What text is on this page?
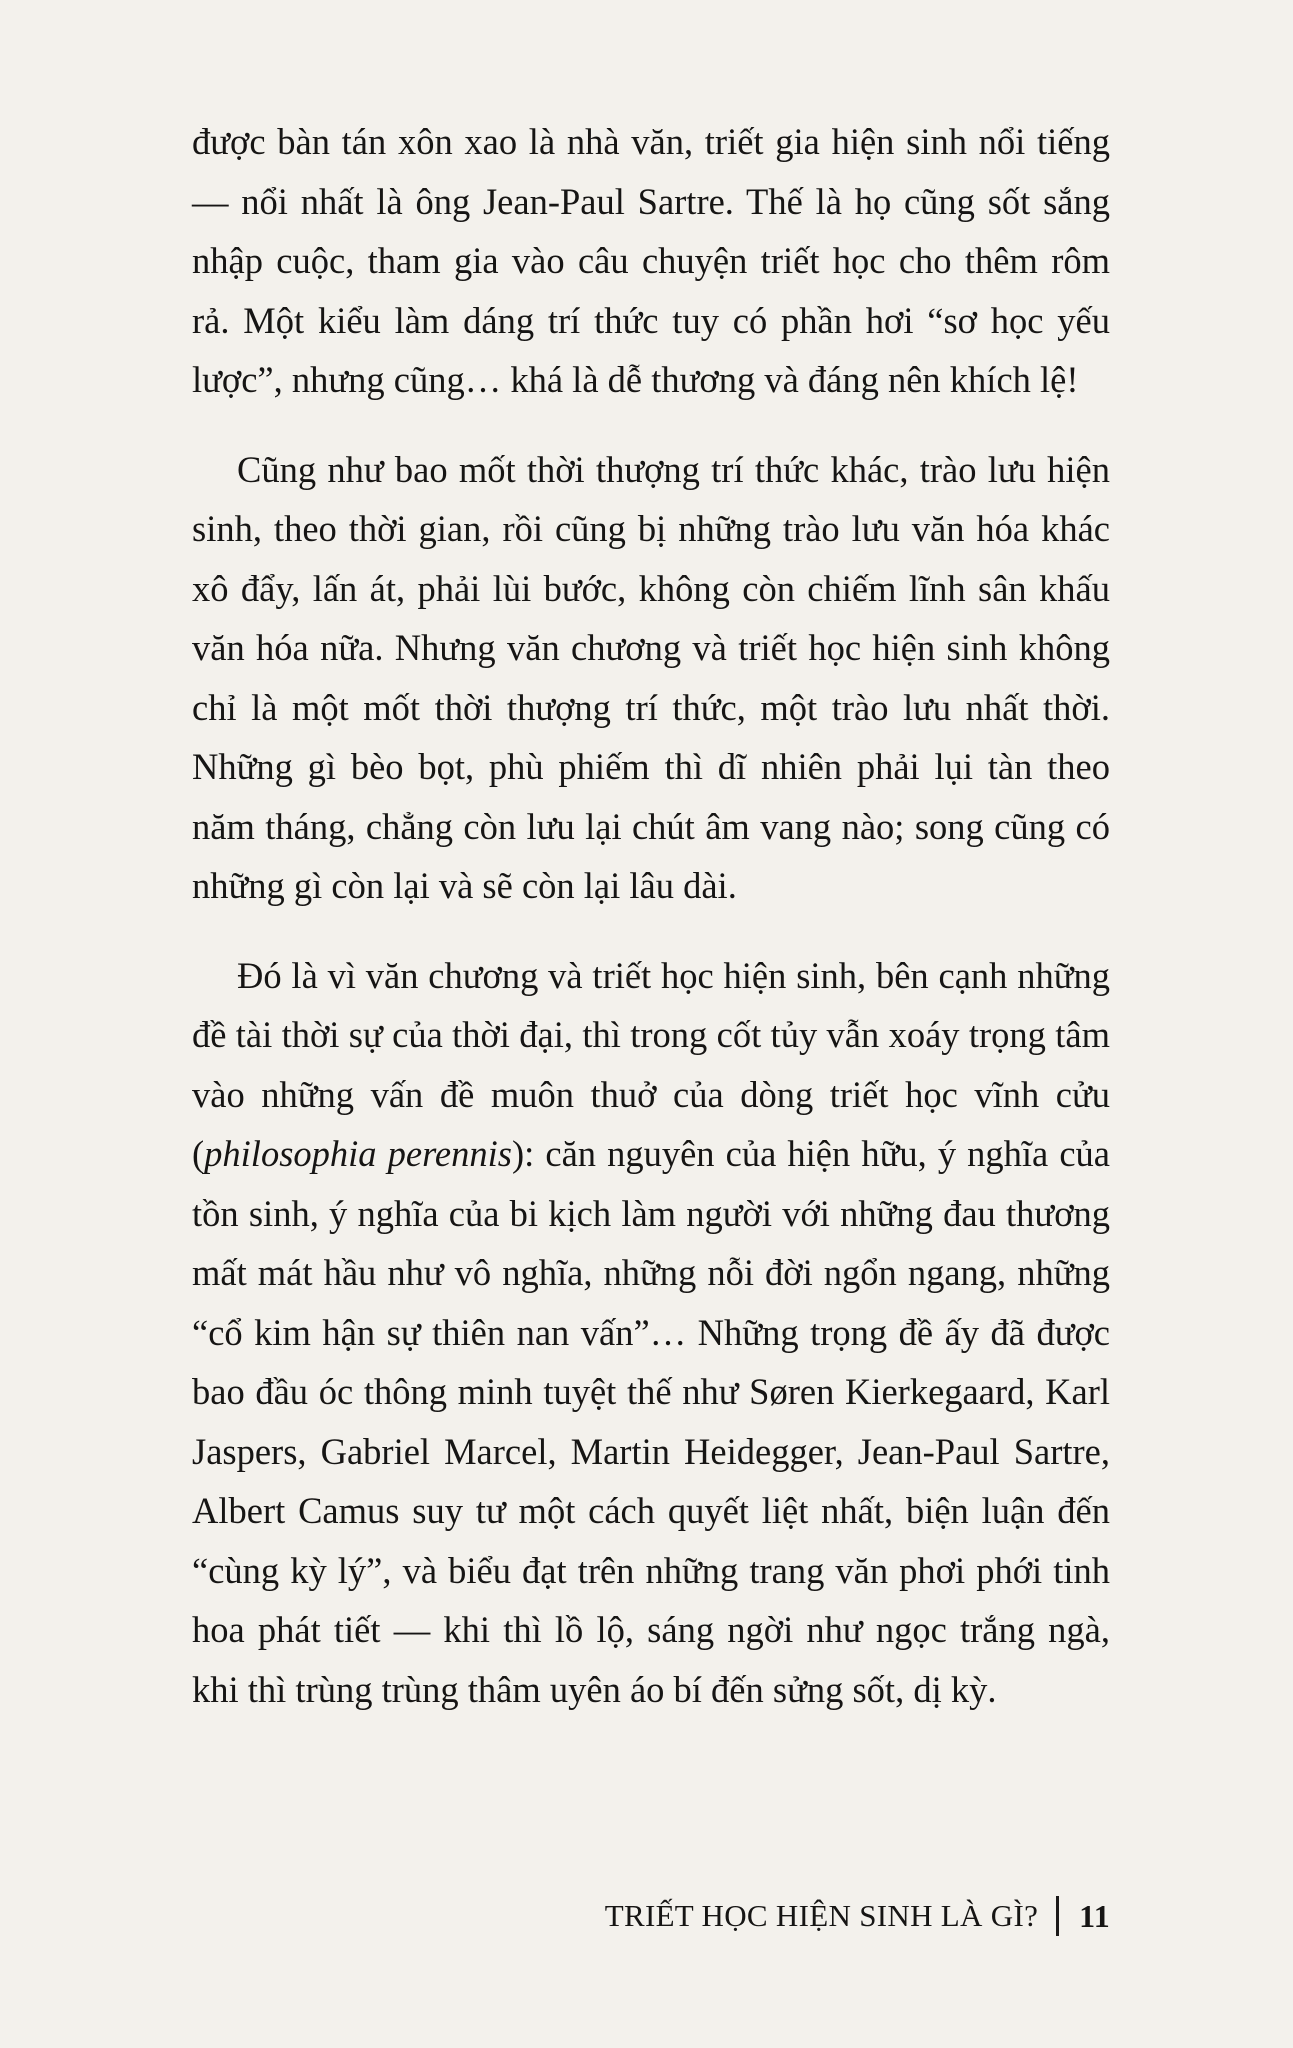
được bàn tán xôn xao là nhà văn, triết gia hiện sinh nổi tiếng — nổi nhất là ông Jean-Paul Sartre. Thế là họ cũng sốt sắng nhập cuộc, tham gia vào câu chuyện triết học cho thêm rôm rả. Một kiểu làm dáng trí thức tuy có phần hơi “sơ học yếu lược”, nhưng cũng… khá là dễ thương và đáng nên khích lệ!

Cũng như bao mốt thời thượng trí thức khác, trào lưu hiện sinh, theo thời gian, rồi cũng bị những trào lưu văn hóa khác xô đẩy, lấn át, phải lùi bước, không còn chiếm lĩnh sân khấu văn hóa nữa. Nhưng văn chương và triết học hiện sinh không chỉ là một mốt thời thượng trí thức, một trào lưu nhất thời. Những gì bèo bọt, phù phiếm thì dĩ nhiên phải lụi tàn theo năm tháng, chẳng còn lưu lại chút âm vang nào; song cũng có những gì còn lại và sẽ còn lại lâu dài.

Đó là vì văn chương và triết học hiện sinh, bên cạnh những đề tài thời sự của thời đại, thì trong cốt tủy vẫn xoáy trọng tâm vào những vấn đề muôn thuở của dòng triết học vĩnh cửu (philosophia perennis): căn nguyên của hiện hữu, ý nghĩa của tồn sinh, ý nghĩa của bi kịch làm người với những đau thương mất mát hầu như vô nghĩa, những nỗi đời ngổn ngang, những “cổ kim hận sự thiên nan vấn”… Những trọng đề ấy đã được bao đầu óc thông minh tuyệt thế như Søren Kierkegaard, Karl Jaspers, Gabriel Marcel, Martin Heidegger, Jean-Paul Sartre, Albert Camus suy tư một cách quyết liệt nhất, biện luận đến “cùng kỳ lý”, và biểu đạt trên những trang văn phơi phới tinh hoa phát tiết — khi thì lồ lộ, sáng ngời như ngọc trắng ngà, khi thì trùng trùng thâm uyên áo bí đến sửng sốt, dị kỳ.

TRIẾT HỌC HIỆN SINH LÀ GÌ? 11
